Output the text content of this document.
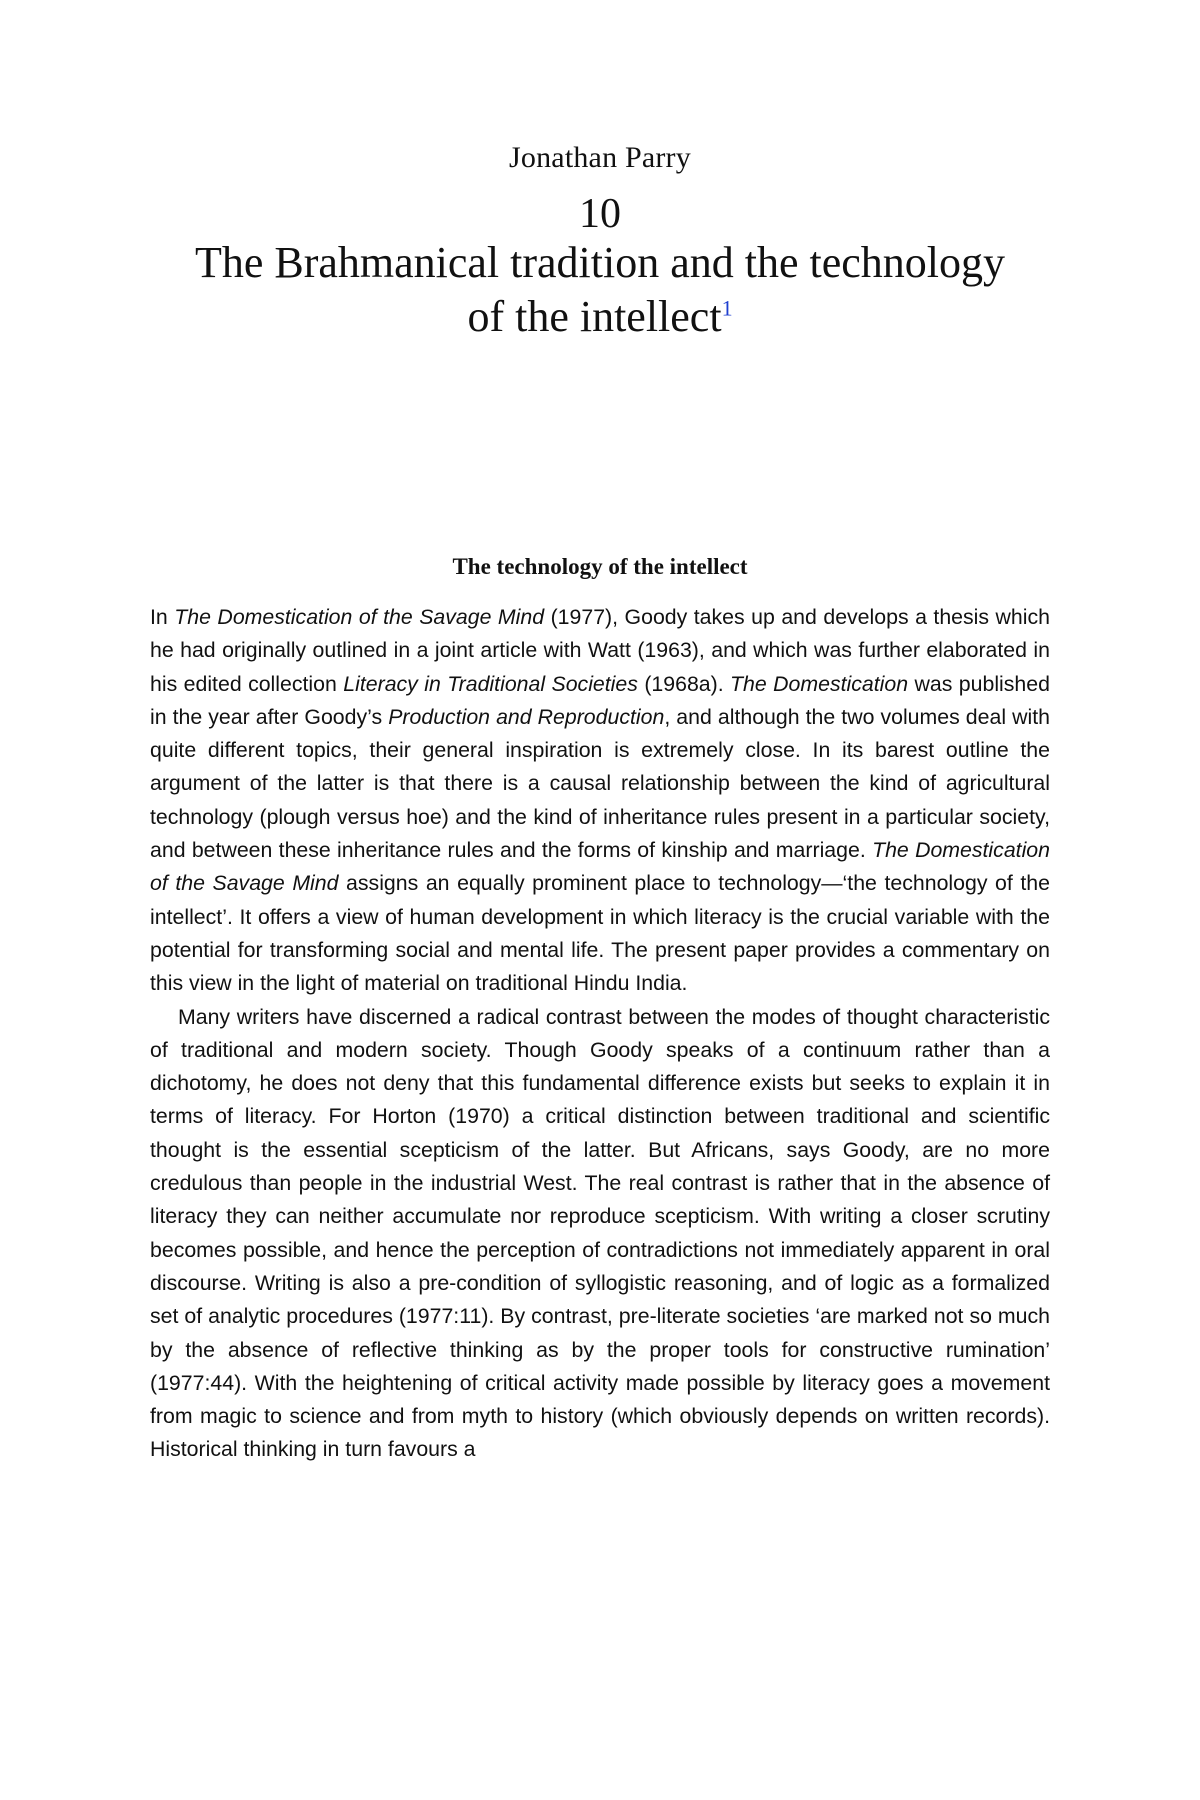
Jonathan Parry
10
The Brahmanical tradition and the technology
of the intellect$^1$
The technology of the intellect

In The Domestication of the Savage Mind (1977), Goody takes up and develops a thesis which he had originally outlined in a joint article with Watt (1963), and which was further elaborated in his edited collection Literacy in Traditional Societies (1968a). The Domestication was published in the year after Goody’s Production and Reproduction, and although the two volumes deal with quite different topics, their general inspiration is extremely close. In its barest outline the argument of the latter is that there is a causal relationship between the kind of agricultural technology (plough versus hoe) and the kind of inheritance rules present in a particular society, and between these inheritance rules and the forms of kinship and marriage. The Domestication of the Savage Mind assigns an equally prominent place to technology—‘the technology of the intellect’. It offers a view of human development in which literacy is the crucial variable with the potential for transforming social and mental life. The present paper provides a commentary on this view in the light of material on traditional Hindu India.

Many writers have discerned a radical contrast between the modes of thought characteristic of traditional and modern society. Though Goody speaks of a continuum rather than a dichotomy, he does not deny that this fundamental difference exists but seeks to explain it in terms of literacy. For Horton (1970) a critical distinction between traditional and scientific thought is the essential scepticism of the latter. But Africans, says Goody, are no more credulous than people in the industrial West. The real contrast is rather that in the absence of literacy they can neither accumulate nor reproduce scepticism. With writing a closer scrutiny becomes possible, and hence the perception of contradictions not immediately apparent in oral discourse. Writing is also a pre-condition of syllogistic reasoning, and of logic as a formalized set of analytic procedures (1977:11). By contrast, pre-literate societies ‘are marked not so much by the absence of reflective thinking as by the proper tools for constructive rumination’ (1977:44). With the heightening of critical activity made possible by literacy goes a movement from magic to science and from myth to history (which obviously depends on written records). Historical thinking in turn favours a
